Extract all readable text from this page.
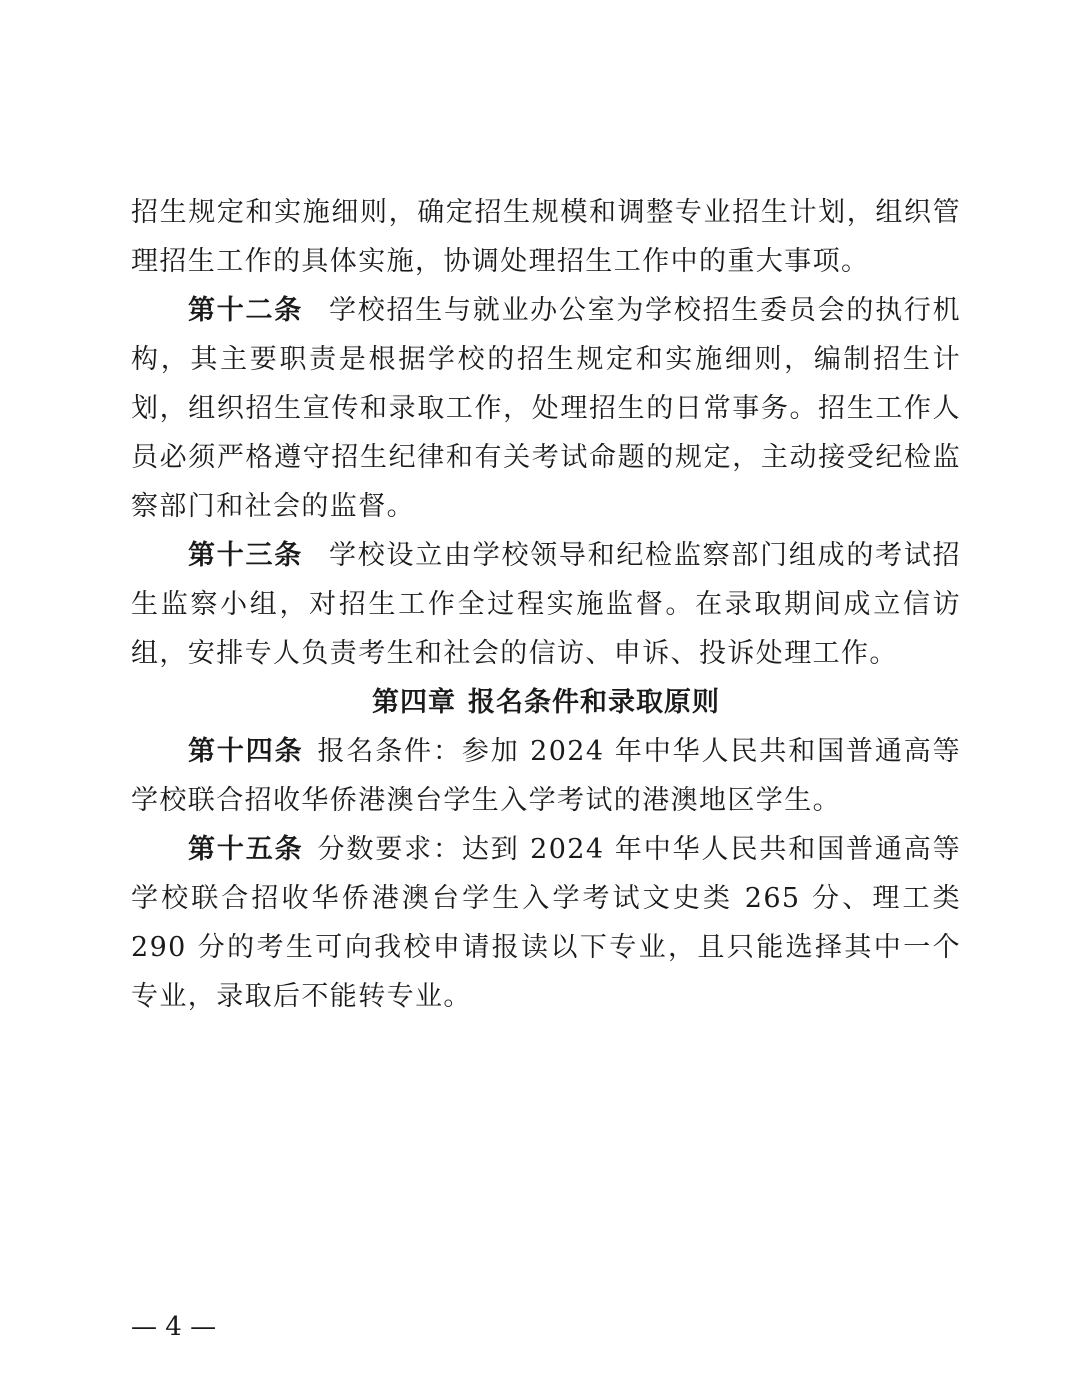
招生规定和实施细则，确定招生规模和调整专业招生计划，组织管理招生工作的具体实施，协调处理招生工作中的重大事项。

第十二条 学校招生与就业办公室为学校招生委员会的执行机构，其主要职责是根据学校的招生规定和实施细则，编制招生计划，组织招生宣传和录取工作，处理招生的日常事务。招生工作人员必须严格遵守招生纪律和有关考试命题的规定，主动接受纪检监察部门和社会的监督。

第十三条 学校设立由学校领导和纪检监察部门组成的考试招生监察小组，对招生工作全过程实施监督。在录取期间成立信访组，安排专人负责考生和社会的信访、申诉、投诉处理工作。

第四章 报名条件和录取原则

第十四条 报名条件：参加 2024 年中华人民共和国普通高等学校联合招收华侨港澳台学生入学考试的港澳地区学生。

第十五条 分数要求：达到 2024 年中华人民共和国普通高等学校联合招收华侨港澳台学生入学考试文史类 265 分、理工类 290 分的考生可向我校申请报读以下专业，且只能选择其中一个专业，录取后不能转专业。

— 4 —
